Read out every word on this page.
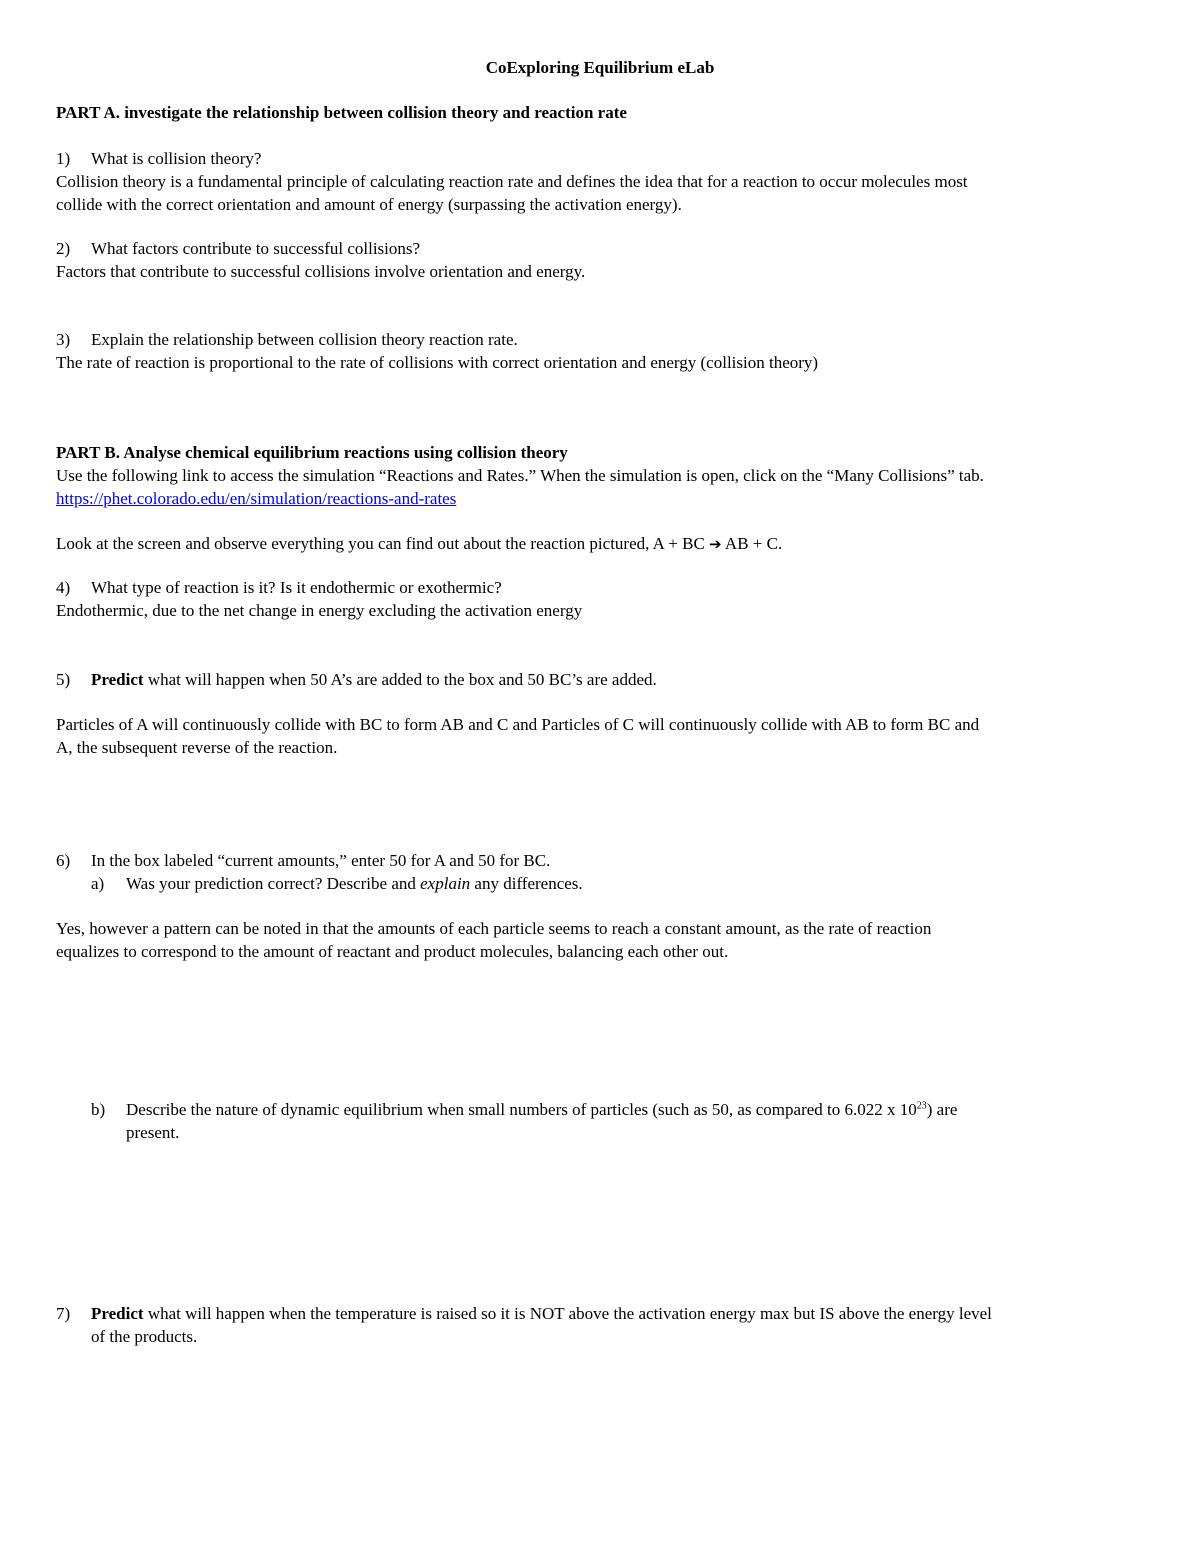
CoExploring Equilibrium eLab
PART A. investigate the relationship between collision theory and reaction rate
1) What is collision theory?
Collision theory is a fundamental principle of calculating reaction rate and defines the idea that for a reaction to occur molecules most
collide with the correct orientation and amount of energy (surpassing the activation energy).
2) What factors contribute to successful collisions?
Factors that contribute to successful collisions involve orientation and energy.
3) Explain the relationship between collision theory reaction rate.
The rate of reaction is proportional to the rate of collisions with correct orientation and energy (collision theory)
PART B. Analyse chemical equilibrium reactions using collision theory
Use the following link to access the simulation “Reactions and Rates.” When the simulation is open, click on the “Many Collisions” tab.
https://phet.colorado.edu/en/simulation/reactions-and-rates
Look at the screen and observe everything you can find out about the reaction pictured, A + BC ➔ AB + C.
4) What type of reaction is it? Is it endothermic or exothermic?
Endothermic, due to the net change in energy excluding the activation energy
5) Predict what will happen when 50 A’s are added to the box and 50 BC’s are added.
Particles of A will continuously collide with BC to form AB and C and Particles of C will continuously collide with AB to form BC and
A, the subsequent reverse of the reaction.
6) In the box labeled “current amounts,” enter 50 for A and 50 for BC.
a) Was your prediction correct? Describe and explain any differences.
Yes, however a pattern can be noted in that the amounts of each particle seems to reach a constant amount, as the rate of reaction
equalizes to correspond to the amount of reactant and product molecules, balancing each other out.
b) Describe the nature of dynamic equilibrium when small numbers of particles (such as 50, as compared to 6.022 x $10^{23}$) are
present.
7) Predict what will happen when the temperature is raised so it is NOT above the activation energy max but IS above the energy level
of the products.
